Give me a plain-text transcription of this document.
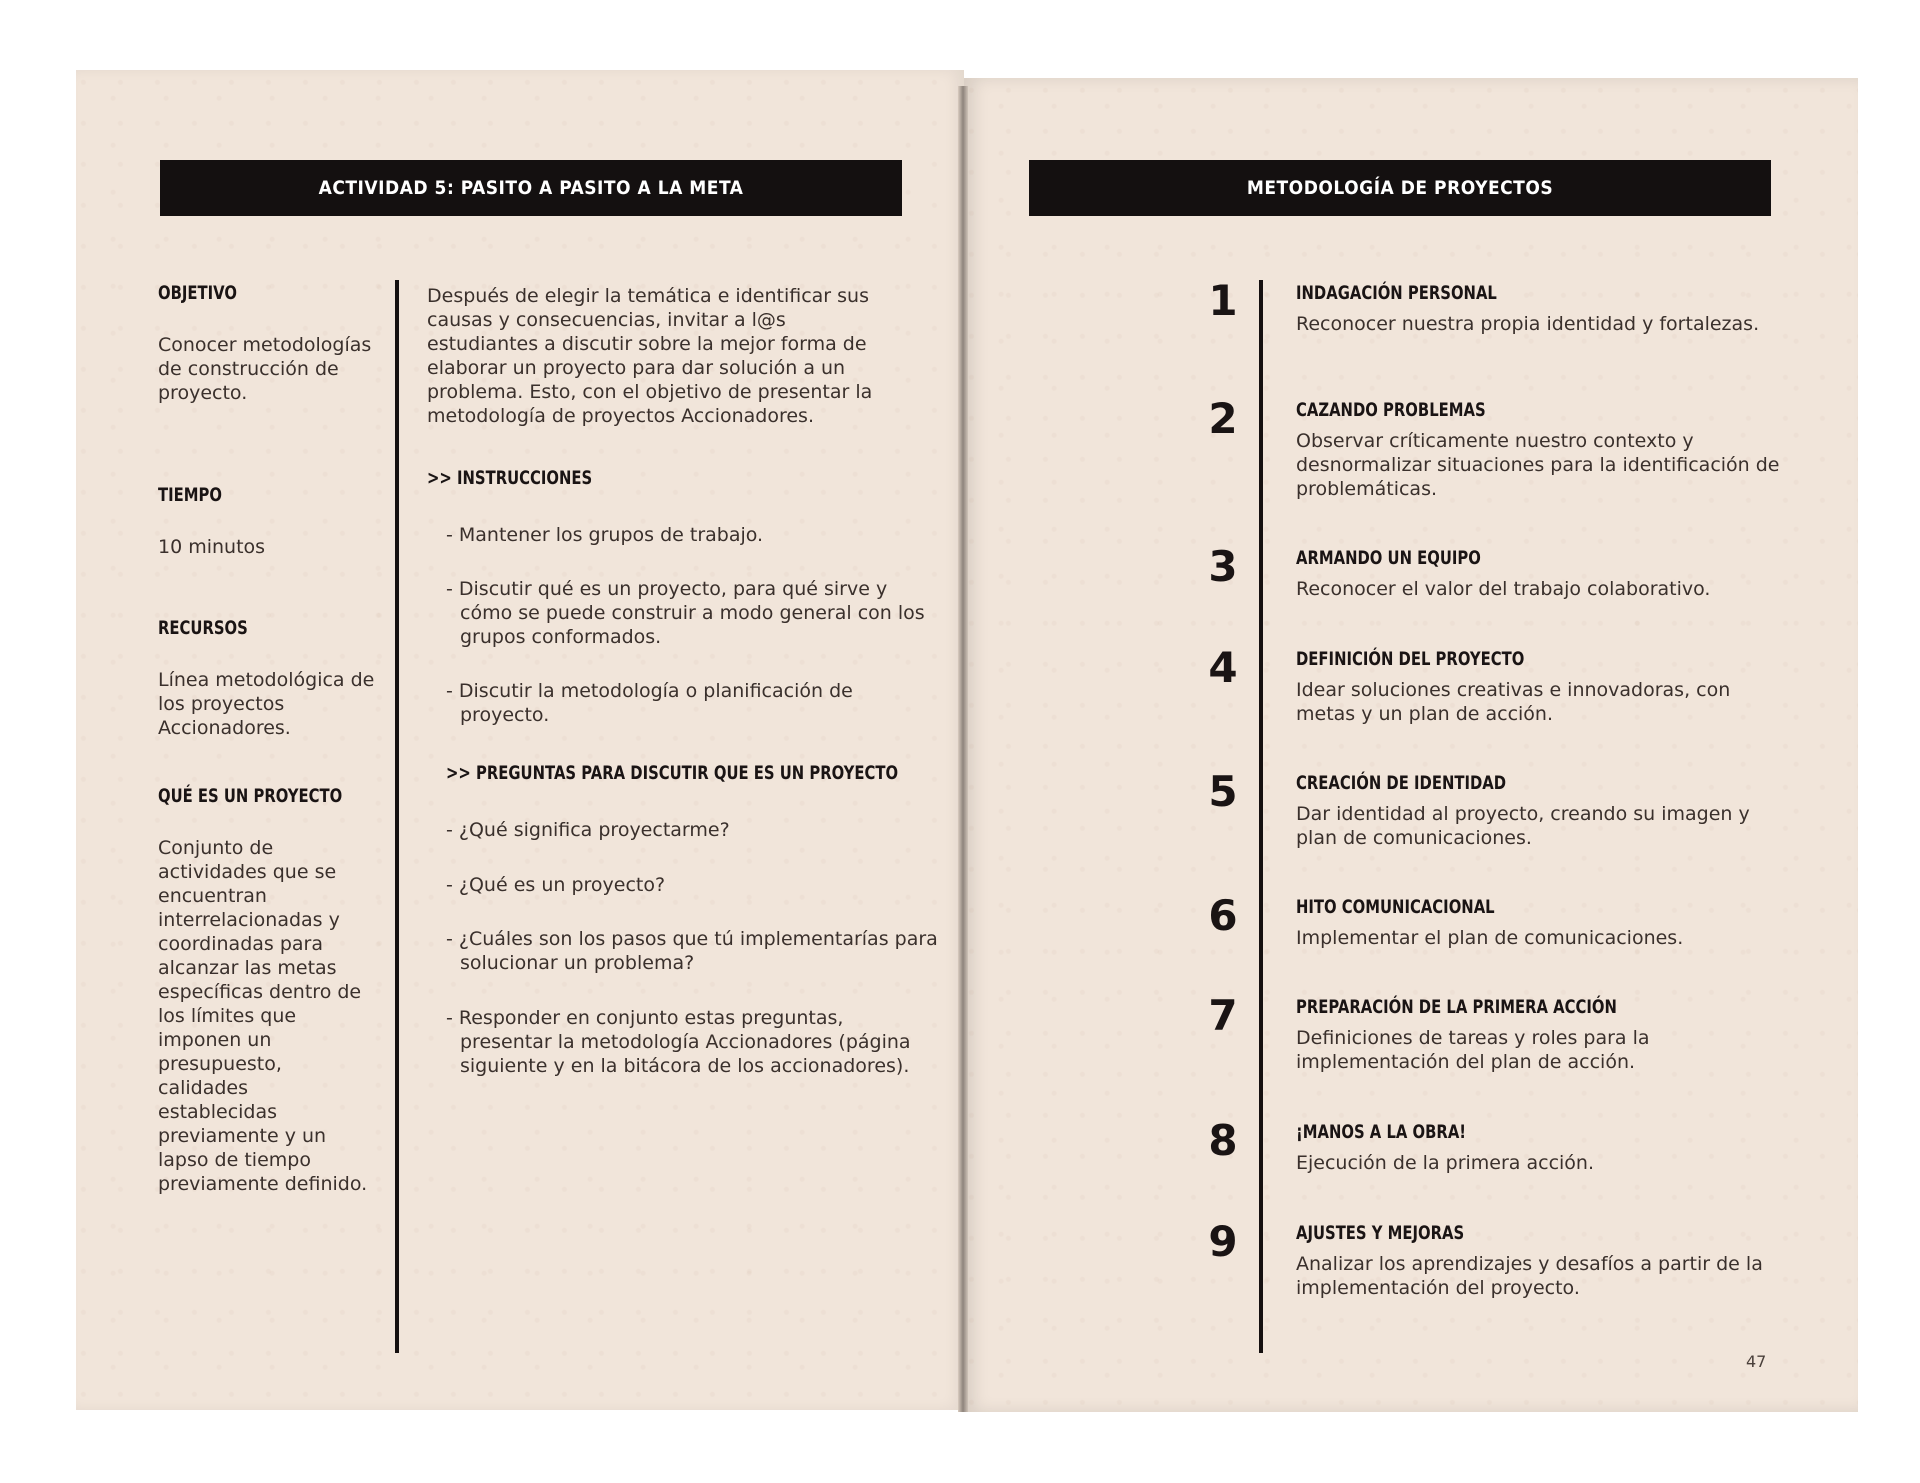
ACTIVIDAD 5: PASITO A PASITO A LA META
OBJETIVO
Conocer metodologías de construcción de proyecto.
TIEMPO
10 minutos
RECURSOS
Línea metodológica de los proyectos Accionadores.
QUÉ ES UN PROYECTO
Conjunto de actividades que se encuentran interrelacionadas y coordinadas para alcanzar las metas específicas dentro de los límites que imponen un presupuesto, calidades establecidas previamente y un lapso de tiempo previamente definido.
Después de elegir la temática e identificar sus causas y consecuencias, invitar a l@s estudiantes a discutir sobre la mejor forma de elaborar un proyecto para dar solución a un problema. Esto, con el objetivo de presentar la metodología de proyectos Accionadores.
>> INSTRUCCIONES
- Mantener los grupos de trabajo.
- Discutir qué es un proyecto, para qué sirve y cómo se puede construir a modo general con los grupos conformados.
- Discutir la metodología o planificación de proyecto.
>> PREGUNTAS PARA DISCUTIR QUE ES UN PROYECTO
- ¿Qué significa proyectarme?
- ¿Qué es un proyecto?
- ¿Cuáles son los pasos que tú implementarías para solucionar un problema?
- Responder en conjunto estas preguntas, presentar la metodología Accionadores (página siguiente y en la bitácora de los accionadores).
METODOLOGÍA DE PROYECTOS
1	INDAGACIÓN PERSONAL
Reconocer nuestra propia identidad y fortalezas.
2	CAZANDO PROBLEMAS
Observar críticamente nuestro contexto y desnormalizar situaciones para la identificación de problemáticas.
3	ARMANDO UN EQUIPO
Reconocer el valor del trabajo colaborativo.
4	DEFINICIÓN DEL PROYECTO
Idear soluciones creativas e innovadoras, con metas y un plan de acción.
5	CREACIÓN DE IDENTIDAD
Dar identidad al proyecto, creando su imagen y plan de comunicaciones.
6	HITO COMUNICACIONAL
Implementar el plan de comunicaciones.
7	PREPARACIÓN DE LA PRIMERA ACCIÓN
Definiciones de tareas y roles para la implementación del plan de acción.
8	¡MANOS A LA OBRA!
Ejecución de la primera acción.
9	AJUSTES Y MEJORAS
Analizar los aprendizajes y desafíos a partir de la implementación del proyecto.
47
